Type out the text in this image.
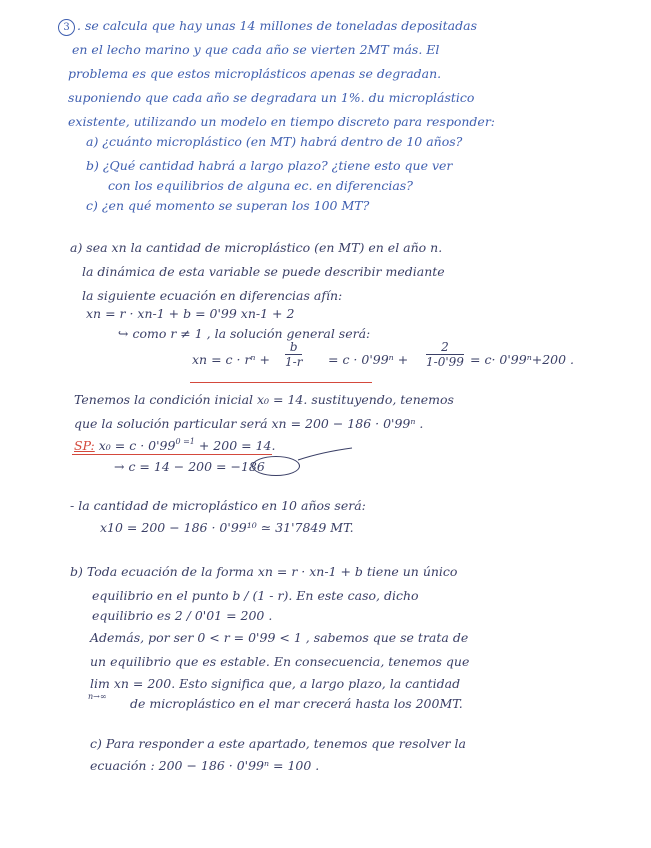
3 . se calcula que hay unas 14 millones de toneladas depositadas
en el lecho marino y que cada año se vierten 2MT más. El
problema es que estos microplásticos apenas se degradan.
suponiendo que cada año se degradara un 1%. du microplástico
existente, utilizando un modelo en tiempo discreto para responder:
a) ¿cuánto microplástico (en MT) habrá dentro de 10 años?
b) ¿Qué cantidad habrá a largo plazo? ¿tiene esto que ver
con los equilibrios de alguna ec. en diferencias?
c) ¿en qué momento se superan los 100 MT?
a) sea xn la cantidad de microplástico (en MT) en el año n.
la dinámica de esta variable se puede describir mediante
la siguiente ecuación en diferencias afín:
xn = r · xn-1 + b = 0'99 xn-1 + 2
↪ como r ≠ 1 , la solución general será:
xn = $c \cdot r^n + \frac{b}{1-r} = c \cdot 0'99^n + \frac{2}{1-0'99} = c\cdot 0'99^n+200$ .
Tenemos la condición inicial x₀ = 14. sustituyendo, tenemos
que la solución particular será xn = 200 − 186 · 0'99ⁿ .
SP: $x_0 = c \cdot 0'99^{0 =1} + 200 = 14$.
→ c = 14 − 200 = −186
- la cantidad de microplástico en 10 años será:
x10 = 200 − 186 · 0'99¹⁰ ≃ 31'7849 MT.
b) Toda ecuación de la forma xn = r · xn-1 + b tiene un único
equilibrio en el punto b / (1 - r). En este caso, dicho
equilibrio es 2 / 0'01 = 200 .
Además, por ser 0 < r = 0'99 < 1 , sabemos que se trata de
un equilibrio que es estable. En consecuencia, tenemos que
lim xn = 200. Esto significa que, a largo plazo, la cantidad
n→∞ de microplástico en el mar crecerá hasta los 200MT.
c) Para responder a este apartado, tenemos que resolver la
ecuación : 200 − 186 · 0'99ⁿ = 100 .
